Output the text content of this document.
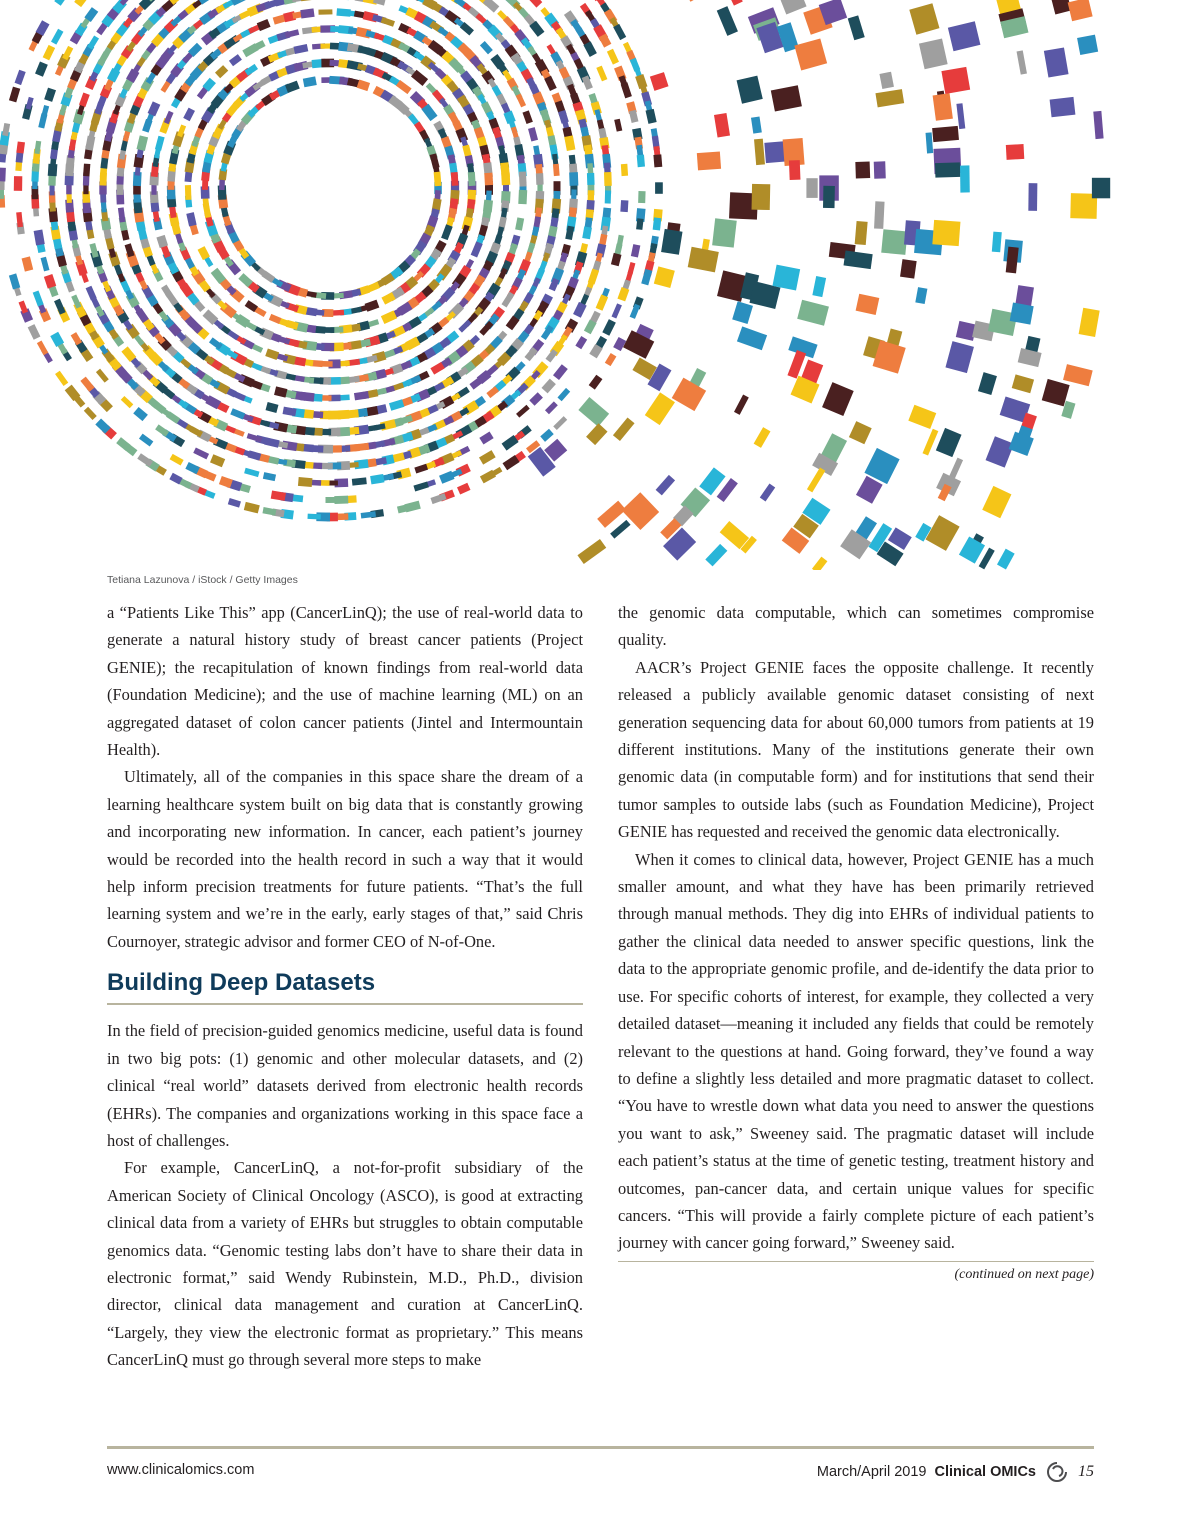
Tetiana Lazunova / iStock / Getty Images

a “Patients Like This” app (CancerLinQ); the use of real-world data to generate a natural history study of breast cancer patients (Project GENIE); the recapitulation of known findings from real-world data (Foundation Medicine); and the use of machine learning (ML) on an aggregated dataset of colon cancer patients (Jintel and Intermountain Health).

Ultimately, all of the companies in this space share the dream of a learning healthcare system built on big data that is constantly growing and incorporating new information. In cancer, each patient’s journey would be recorded into the health record in such a way that it would help inform precision treatments for future patients. “That’s the full learning system and we’re in the early, early stages of that,” said Chris Cournoyer, strategic advisor and former CEO of N-of-One.

Building Deep Datasets

In the field of precision-guided genomics medicine, useful data is found in two big pots: (1) genomic and other molecular datasets, and (2) clinical “real world” datasets derived from electronic health records (EHRs). The companies and organizations working in this space face a host of challenges.

For example, CancerLinQ, a not-for-profit subsidiary of the American Society of Clinical Oncology (ASCO), is good at extracting clinical data from a variety of EHRs but struggles to obtain computable genomics data. “Genomic testing labs don’t have to share their data in electronic format,” said Wendy Rubinstein, M.D., Ph.D., division director, clinical data management and curation at CancerLinQ. “Largely, they view the electronic format as proprietary.” This means CancerLinQ must go through several more steps to make

the genomic data computable, which can sometimes compromise quality.

AACR’s Project GENIE faces the opposite challenge. It recently released a publicly available genomic dataset consisting of next generation sequencing data for about 60,000 tumors from patients at 19 different institutions. Many of the institutions generate their own genomic data (in computable form) and for institutions that send their tumor samples to outside labs (such as Foundation Medicine), Project GENIE has requested and received the genomic data electronically.

When it comes to clinical data, however, Project GENIE has a much smaller amount, and what they have has been primarily retrieved through manual methods. They dig into EHRs of individual patients to gather the clinical data needed to answer specific questions, link the data to the appropriate genomic profile, and de-identify the data prior to use. For specific cohorts of interest, for example, they collected a very detailed dataset—meaning it included any fields that could be remotely relevant to the questions at hand. Going forward, they’ve found a way to define a slightly less detailed and more pragmatic dataset to collect. “You have to wrestle down what data you need to answer the questions you want to ask,” Sweeney said. The pragmatic dataset will include each patient’s status at the time of genetic testing, treatment history and outcomes, pan-cancer data, and certain unique values for specific cancers. “This will provide a fairly complete picture of each patient’s journey with cancer going forward,” Sweeney said.

(continued on next page)
www.clinicalomics.com	March/April 2019 Clinical OMICs	15
